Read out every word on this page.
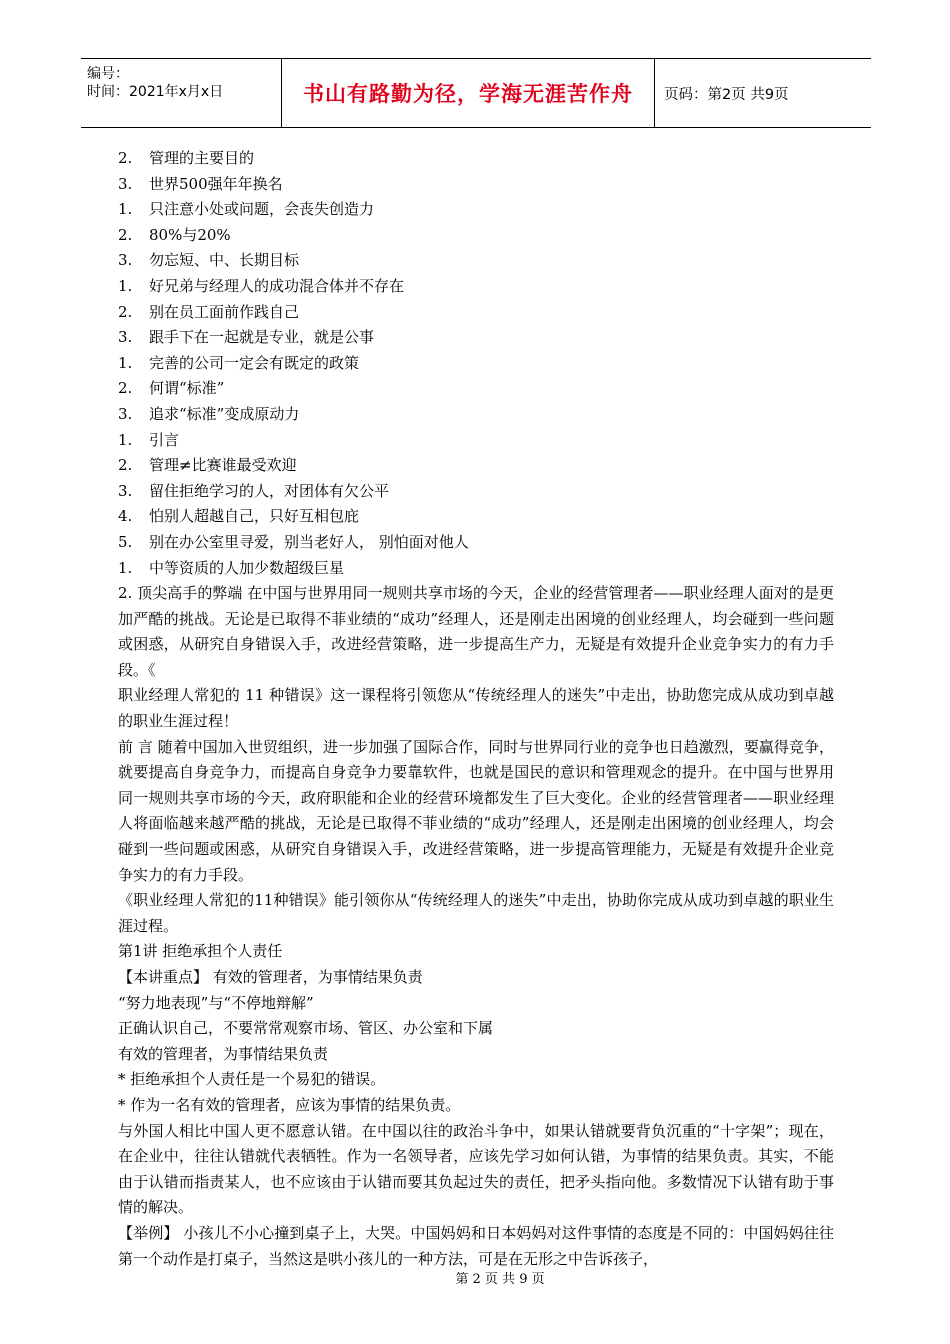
编号：
时间：2021年x月x日	书山有路勤为径，学海无涯苦作舟 页码：第2页 共9页
2. 管理的主要目的
3. 世界500强年年换名
1. 只注意小处或问题，会丧失创造力
2. 80%与20%
3. 勿忘短、中、长期目标
1. 好兄弟与经理人的成功混合体并不存在
2. 别在员工面前作践自己
3. 跟手下在一起就是专业，就是公事
1. 完善的公司一定会有既定的政策
2. 何谓“标准”
3. 追求“标准”变成原动力
1. 引言
2. 管理≠比赛谁最受欢迎
3. 留住拒绝学习的人，对团体有欠公平
4. 怕别人超越自己，只好互相包庇
5. 别在办公室里寻爱，别当老好人， 别怕面对他人
1. 中等资质的人加少数超级巨星
2. 顶尖高手的弊端 在中国与世界用同一规则共享市场的今天，企业的经营管理者——职业经理人面对的是更加严酷的挑战。无论是已取得不菲业绩的“成功”经理人，还是刚走出困境的创业经理人，均会碰到一些问题或困惑，从研究自身错误入手，改进经营策略，进一步提高生产力，无疑是有效提升企业竞争实力的有力手段。《
职业经理人常犯的 11 种错误》这一课程将引领您从“传统经理人的迷失”中走出，协助您完成从成功到卓越的职业生涯过程！
前 言 随着中国加入世贸组织，进一步加强了国际合作，同时与世界同行业的竞争也日趋激烈，要赢得竞争，就要提高自身竞争力，而提高自身竞争力要靠软件，也就是国民的意识和管理观念的提升。在中国与世界用同一规则共享市场的今天，政府职能和企业的经营环境都发生了巨大变化。企业的经营管理者——职业经理人将面临越来越严酷的挑战，无论是已取得不菲业绩的“成功”经理人，还是刚走出困境的创业经理人，均会碰到一些问题或困惑，从研究自身错误入手，改进经营策略，进一步提高管理能力，无疑是有效提升企业竞争实力的有力手段。
《职业经理人常犯的11种错误》能引领你从“传统经理人的迷失”中走出，协助你完成从成功到卓越的职业生涯过程。
第1讲 拒绝承担个人责任
【本讲重点】 有效的管理者，为事情结果负责
“努力地表现”与“不停地辩解”
正确认识自己，不要常常观察市场、管区、办公室和下属
有效的管理者，为事情结果负责
* 拒绝承担个人责任是一个易犯的错误。
* 作为一名有效的管理者，应该为事情的结果负责。
与外国人相比中国人更不愿意认错。在中国以往的政治斗争中，如果认错就要背负沉重的“十字架”；现在，在企业中，往往认错就代表牺牲。作为一名领导者，应该先学习如何认错，为事情的结果负责。其实，不能由于认错而指责某人，也不应该由于认错而要其负起过失的责任，把矛头指向他。多数情况下认错有助于事情的解决。
【举例】 小孩儿不小心撞到桌子上，大哭。中国妈妈和日本妈妈对这件事情的态度是不同的：中国妈妈往往第一个动作是打桌子，当然这是哄小孩儿的一种方法，可是在无形之中告诉孩子，
第 2 页 共 9 页
